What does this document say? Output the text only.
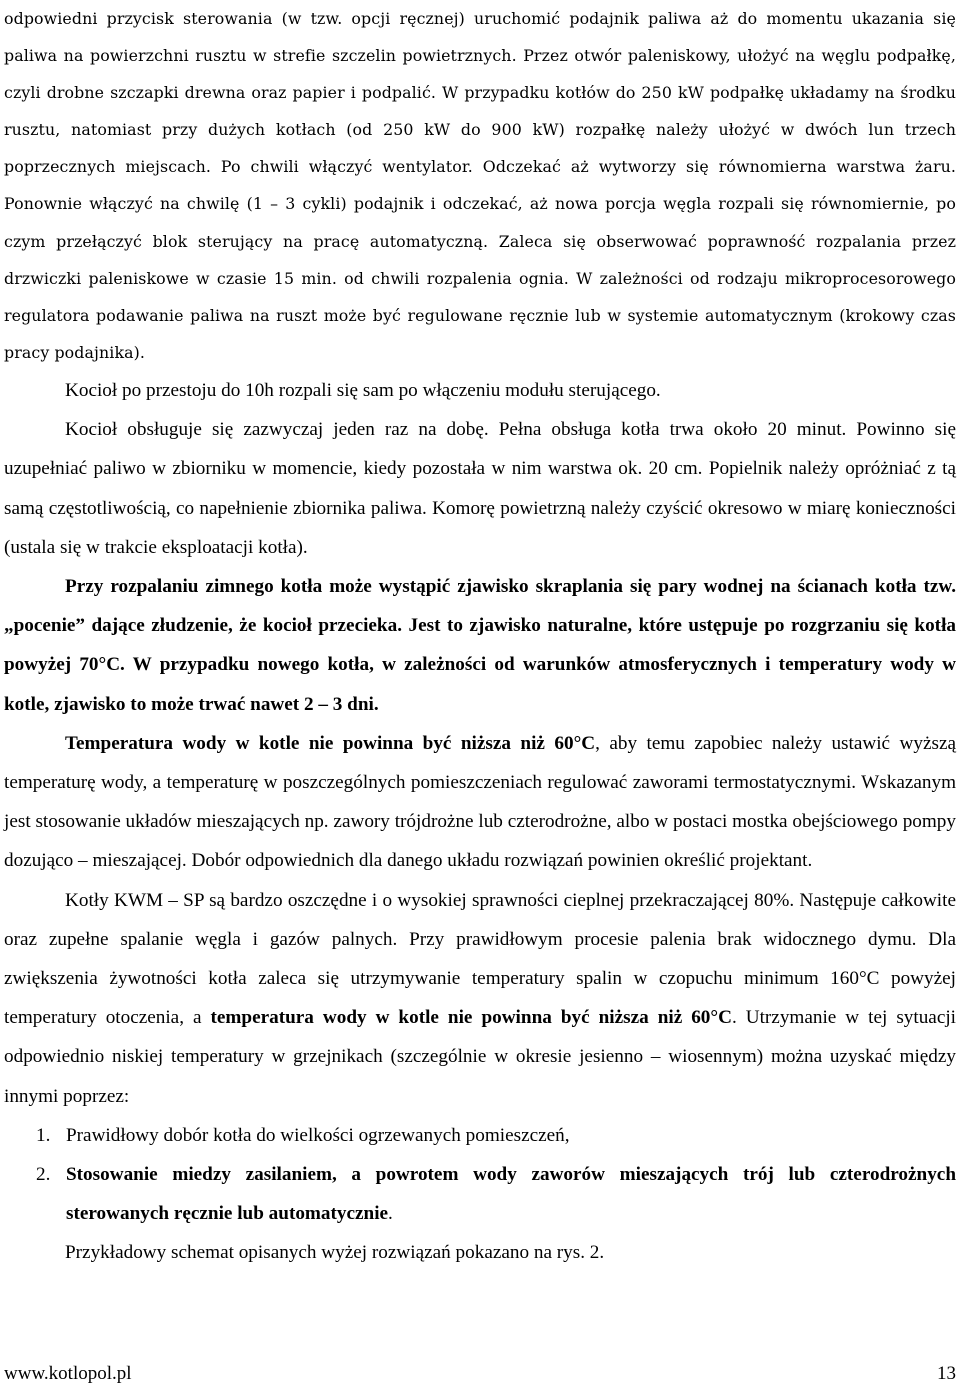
odpowiedni przycisk sterowania (w tzw. opcji ręcznej) uruchomić podajnik paliwa aż do momentu ukazania się paliwa na powierzchni rusztu w strefie szczelin powietrznych. Przez otwór paleniskowy, ułożyć na węglu podpałkę, czyli drobne szczapki drewna oraz papier i podpalić. W przypadku kotłów do 250 kW podpałkę układamy na środku rusztu, natomiast przy dużych kotłach (od 250 kW do 900 kW) rozpałkę należy ułożyć w dwóch lun trzech poprzecznych miejscach. Po chwili włączyć wentylator. Odczekać aż wytworzy się równomierna warstwa żaru. Ponownie włączyć na chwilę (1 – 3 cykli) podajnik i odczekać, aż nowa porcja węgla rozpali się równomiernie, po czym przełączyć blok sterujący na pracę automatyczną. Zaleca się obserwować poprawność rozpalania przez drzwiczki paleniskowe w czasie 15 min. od chwili rozpalenia ognia. W zależności od rodzaju mikroprocesorowego regulatora podawanie paliwa na ruszt może być regulowane ręcznie lub w systemie automatycznym (krokowy czas pracy podajnika).

Kocioł po przestoju do 10h rozpali się sam po włączeniu modułu sterującego.

Kocioł obsługuje się zazwyczaj jeden raz na dobę. Pełna obsługa kotła trwa około 20 minut. Powinno się uzupełniać paliwo w zbiorniku w momencie, kiedy pozostała w nim warstwa ok. 20 cm. Popielnik należy opróżniać z tą samą częstotliwością, co napełnienie zbiornika paliwa. Komorę powietrzną należy czyścić okresowo w miarę konieczności (ustala się w trakcie eksploatacji kotła).

Przy rozpalaniu zimnego kotła może wystąpić zjawisko skraplania się pary wodnej na ścianach kotła tzw. „pocenie” dające złudzenie, że kocioł przecieka. Jest to zjawisko naturalne, które ustępuje po rozgrzaniu się kotła powyżej 70°C. W przypadku nowego kotła, w zależności od warunków atmosferycznych i temperatury wody w kotle, zjawisko to może trwać nawet 2 – 3 dni.

Temperatura wody w kotle nie powinna być niższa niż 60°C, aby temu zapobiec należy ustawić wyższą temperaturę wody, a temperaturę w poszczególnych pomieszczeniach regulować zaworami termostatycznymi. Wskazanym jest stosowanie układów mieszających np. zawory trójdrożne lub czterodrożne, albo w postaci mostka obejściowego pompy dozująco – mieszającej. Dobór odpowiednich dla danego układu rozwiązań powinien określić projektant.

Kotły KWM – SP są bardzo oszczędne i o wysokiej sprawności cieplnej przekraczającej 80%. Następuje całkowite oraz zupełne spalanie węgla i gazów palnych. Przy prawidłowym procesie palenia brak widocznego dymu. Dla zwiększenia żywotności kotła zaleca się utrzymywanie temperatury spalin w czopuchu minimum 160°C powyżej temperatury otoczenia, a temperatura wody w kotle nie powinna być niższa niż 60°C. Utrzymanie w tej sytuacji odpowiednio niskiej temperatury w grzejnikach (szczególnie w okresie jesienno – wiosennym) można uzyskać między innymi poprzez:

1. Prawidłowy dobór kotła do wielkości ogrzewanych pomieszczeń,
2. Stosowanie miedzy zasilaniem, a powrotem wody zaworów mieszających trój lub czterodrożnych sterowanych ręcznie lub automatycznie.

Przykładowy schemat opisanych wyżej rozwiązań pokazano na rys. 2.

www.kotlopol.pl	13
